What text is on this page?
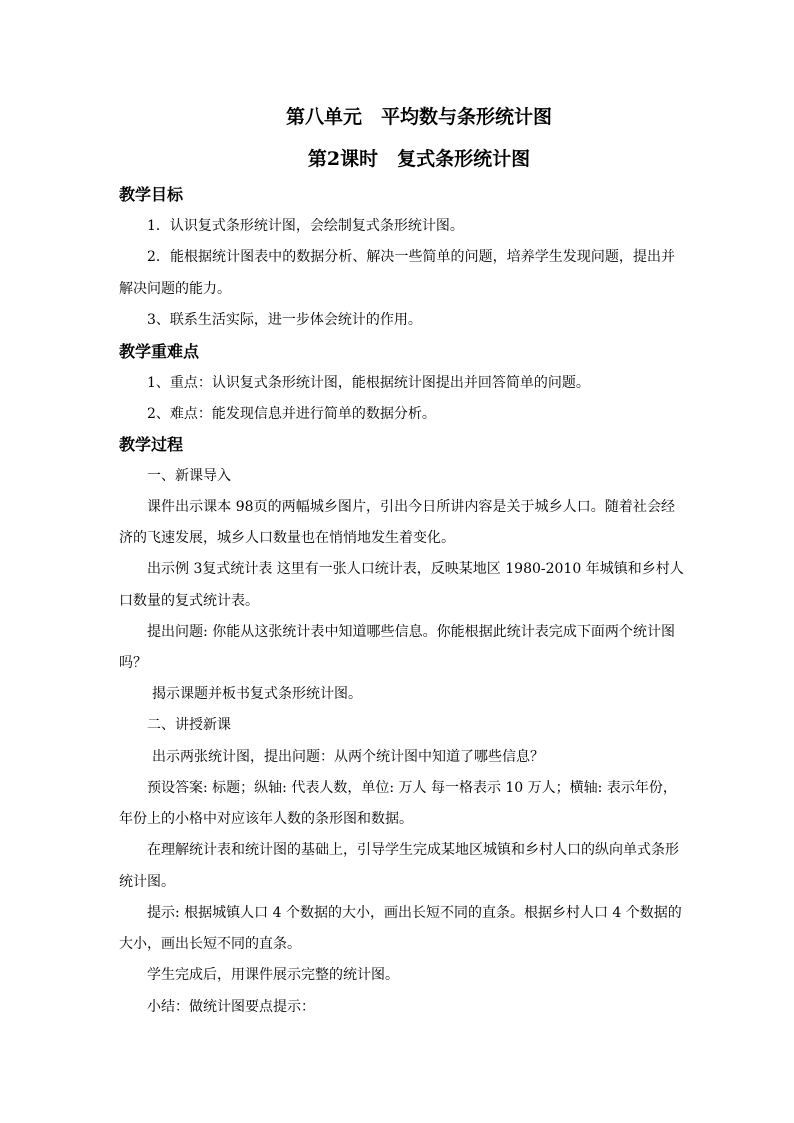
第八单元　平均数与条形统计图
第2课时　复式条形统计图
教学目标
1．认识复式条形统计图，会绘制复式条形统计图。
2．能根据统计图表中的数据分析、解决一些简单的问题，培养学生发现问题，提出并
解决问题的能力。
3、联系生活实际，进一步体会统计的作用。
教学重难点
1、重点：认识复式条形统计图，能根据统计图提出并回答简单的问题。
2、难点：能发现信息并进行简单的数据分析。
教学过程
一、新课导入
课件出示课本 98页的两幅城乡图片，引出今日所讲内容是关于城乡人口。随着社会经
济的飞速发展，城乡人口数量也在悄悄地发生着变化。
出示例 3复式统计表 这里有一张人口统计表，反映某地区 1980-2010 年城镇和乡村人
口数量的复式统计表。
提出问题: 你能从这张统计表中知道哪些信息。你能根据此统计表完成下面两个统计图
吗？
揭示课题并板书复式条形统计图。
二、讲授新课
出示两张统计图，提出问题：从两个统计图中知道了哪些信息？
预设答案: 标题；纵轴: 代表人数，单位: 万人 每一格表示 10 万人；横轴: 表示年份，
年份上的小格中对应该年人数的条形图和数据。
在理解统计表和统计图的基础上，引导学生完成某地区城镇和乡村人口的纵向单式条形
统计图。
提示: 根据城镇人口 4 个数据的大小，画出长短不同的直条。根据乡村人口 4 个数据的
大小，画出长短不同的直条。
学生完成后，用课件展示完整的统计图。
小结：做统计图要点提示：
